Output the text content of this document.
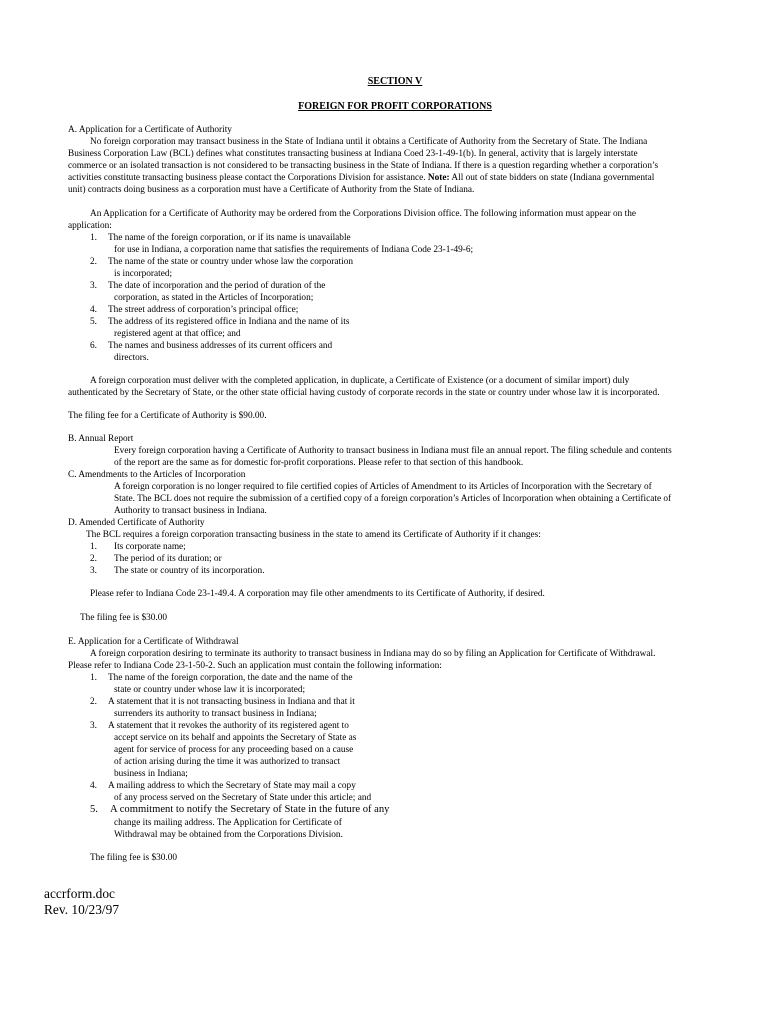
SECTION V
FOREIGN FOR PROFIT CORPORATIONS

A. Application for a Certificate of Authority

No foreign corporation may transact business in the State of Indiana until it obtains a Certificate of Authority from the Secretary of State. The Indiana

Business Corporation Law (BCL) defines what constitutes transacting business at Indiana Coed 23-1-49-1(b). In general, activity that is largely interstate

commerce or an isolated transaction is not considered to be transacting business in the State of Indiana. If there is a question regarding whether a corporation’s

activities constitute transacting business please contact the Corporations Division for assistance. Note: All out of state bidders on state (Indiana governmental

unit) contracts doing business as a corporation must have a Certificate of Authority from the State of Indiana.

An Application for a Certificate of Authority may be ordered from the Corporations Division office. The following information must appear on the

application:

1. The name of the foreign corporation, or if its name is unavailable

for use in Indiana, a corporation name that satisfies the requirements of Indiana Code 23-1-49-6;

2. The name of the state or country under whose law the corporation

is incorporated;

3. The date of incorporation and the period of duration of the

corporation, as stated in the Articles of Incorporation;

4. The street address of corporation’s principal office;

5. The address of its registered office in Indiana and the name of its

registered agent at that office; and

6. The names and business addresses of its current officers and

directors.

A foreign corporation must deliver with the completed application, in duplicate, a Certificate of Existence (or a document of similar import) duly

authenticated by the Secretary of State, or the other state official having custody of corporate records in the state or country under whose law it is incorporated.

The filing fee for a Certificate of Authority is $90.00.

B. Annual Report

Every foreign corporation having a Certificate of Authority to transact business in Indiana must file an annual report. The filing schedule and contents

of the report are the same as for domestic for-profit corporations. Please refer to that section of this handbook.

C. Amendments to the Articles of Incorporation

A foreign corporation is no longer required to file certified copies of Articles of Amendment to its Articles of Incorporation with the Secretary of

State. The BCL does not require the submission of a certified copy of a foreign corporation’s Articles of Incorporation when obtaining a Certificate of

Authority to transact business in Indiana.

D. Amended Certificate of Authority

The BCL requires a foreign corporation transacting business in the state to amend its Certificate of Authority if it changes:

1. Its corporate name;

2. The period of its duration; or

3. The state or country of its incorporation.

Please refer to Indiana Code 23-1-49.4. A corporation may file other amendments to its Certificate of Authority, if desired.

The filing fee is $30.00

E. Application for a Certificate of Withdrawal

A foreign corporation desiring to terminate its authority to transact business in Indiana may do so by filing an Application for Certificate of Withdrawal.

Please refer to Indiana Code 23-1-50-2. Such an application must contain the following information:

1. The name of the foreign corporation, the date and the name of the

state or country under whose law it is incorporated;

2. A statement that it is not transacting business in Indiana and that it

surrenders its authority to transact business in Indiana;

3. A statement that it revokes the authority of its registered agent to

accept service on its behalf and appoints the Secretary of State as

agent for service of process for any proceeding based on a cause

of action arising during the time it was authorized to transact

business in Indiana;

4. A mailing address to which the Secretary of State may mail a copy

of any process served on the Secretary of State under this article; and

5. A commitment to notify the Secretary of State in the future of any

change its mailing address. The Application for Certificate of

Withdrawal may be obtained from the Corporations Division.

The filing fee is $30.00

accrform.doc

Rev. 10/23/97
